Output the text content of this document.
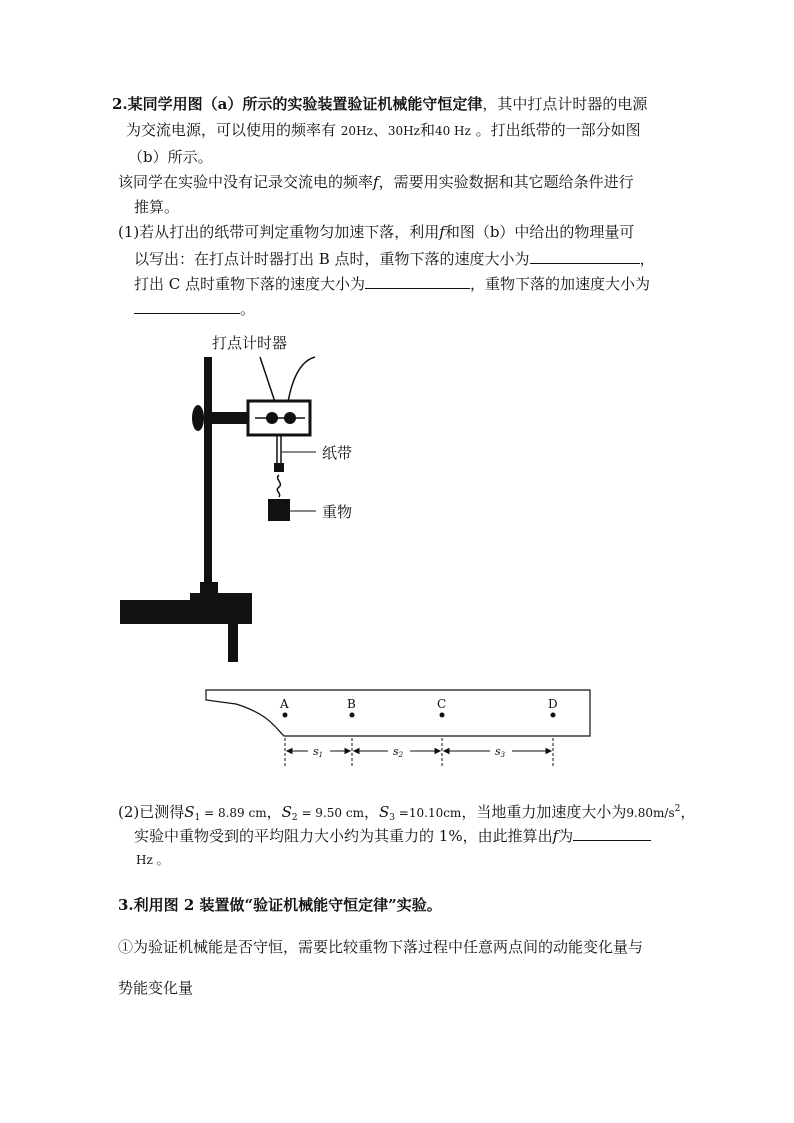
2.某同学用图（a）所示的实验装置验证机械能守恒定律，其中打点计时器的电源
为交流电源，可以使用的频率有 20Hz、30Hz和40 Hz 。打出纸带的一部分如图
（b）所示。
该同学在实验中没有记录交流电的频率f，需要用实验数据和其它题给条件进行
推算。
(1)若从打出的纸带可判定重物匀加速下落，利用f和图（b）中给出的物理量可
以写出：在打点计时器打出 B 点时，重物下落的速度大小为	，
打出 C 点时重物下落的速度大小为	，重物下落的加速度大小为
。
打点计时器
纸带
重物
A	B	C	D
s1	s2	s3
(2)已测得$S_1 = 8.89$ cm，$S_2 = 9.50$ cm，$S_3 =10.10cm$，当地重力加速度大小为$9.80m/s^2$，
实验中重物受到的平均阻力大小约为其重力的 1%，由此推算出f为
Hz 。
3.利用图 2 装置做“验证机械能守恒定律”实验。
①为验证机械能是否守恒，需要比较重物下落过程中任意两点间的动能变化量与
势能变化量
